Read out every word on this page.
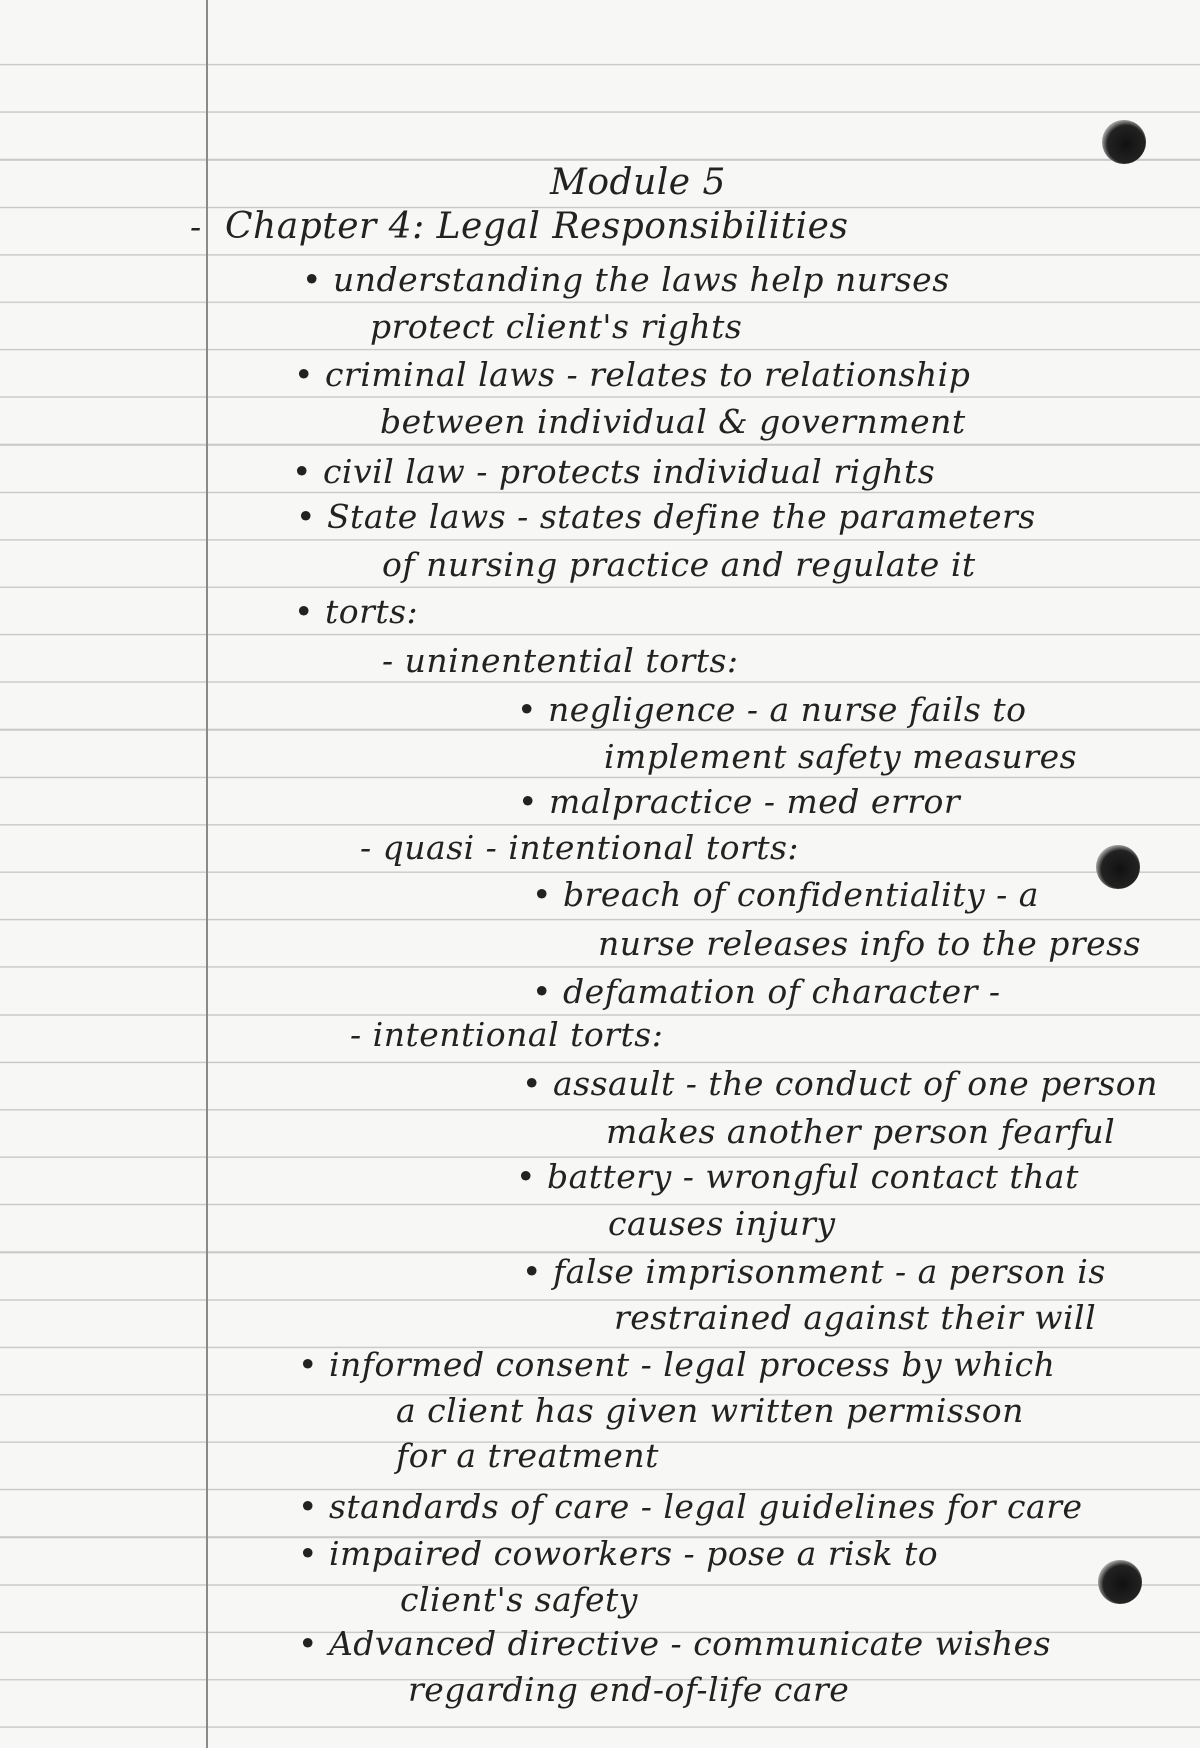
Module 5
- Chapter 4: Legal Responsibilities
• understanding the laws help nurses
protect client's rights
• criminal laws - relates to relationship
between individual & government
• civil law - protects individual rights
• State laws - states define the parameters
of nursing practice and regulate it
• torts:
- uninentential torts:
• negligence - a nurse fails to
implement safety measures
• malpractice - med error
- quasi - intentional torts:
• breach of confidentiality - a
nurse releases info to the press
• defamation of character -
- intentional torts:
• assault - the conduct of one person
makes another person fearful
• battery - wrongful contact that
causes injury
• false imprisonment - a person is
restrained against their will
• informed consent - legal process by which
a client has given written permisson
for a treatment
• standards of care - legal guidelines for care
• impaired coworkers - pose a risk to
client's safety
• Advanced directive - communicate wishes
regarding end-of-life care
